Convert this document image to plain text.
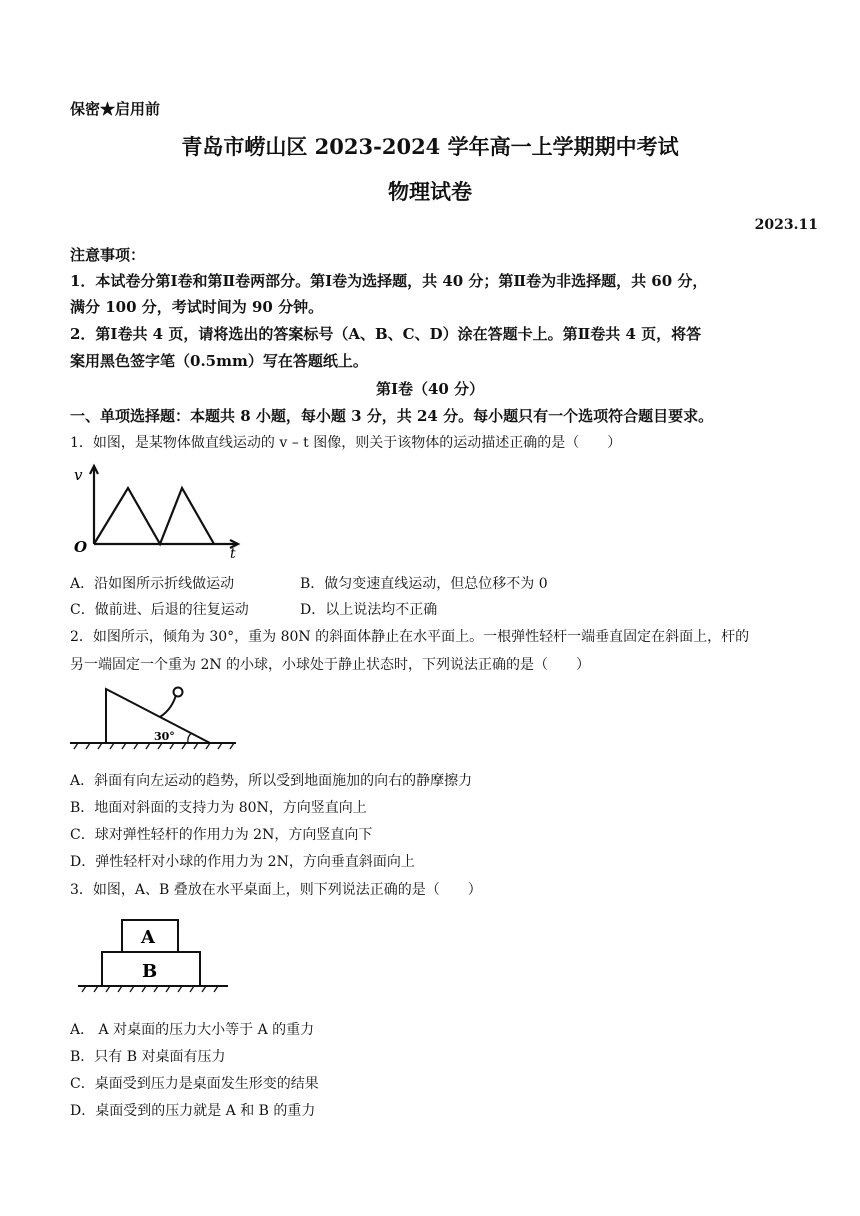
保密★启用前
青岛市崂山区 2023-2024 学年高一上学期期中考试
物理试卷
2023.11
注意事项：
1．本试卷分第Ⅰ卷和第Ⅱ卷两部分。第Ⅰ卷为选择题，共 40 分；第Ⅱ卷为非选择题，共 60 分，
满分 100 分，考试时间为 90 分钟。
2．第Ⅰ卷共 4 页，请将选出的答案标号（A、B、C、D）涂在答题卡上。第Ⅱ卷共 4 页，将答
案用黑色签字笔（0.5mm）写在答题纸上。
第Ⅰ卷（40 分）
一、单项选择题：本题共 8 小题，每小题 3 分，共 24 分。每小题只有一个选项符合题目要求。
1．如图，是某物体做直线运动的 v – t 图像，则关于该物体的运动描述正确的是（　　）
v
O	t
A．沿如图所示折线做运动	B．做匀变速直线运动，但总位移不为 0
C．做前进、后退的往复运动	D．以上说法均不正确
2．如图所示，倾角为 30°，重为 80N 的斜面体静止在水平面上。一根弹性轻杆一端垂直固定在斜面上，杆的
另一端固定一个重为 2N 的小球，小球处于静止状态时，下列说法正确的是（　　）
30°
A．斜面有向左运动的趋势，所以受到地面施加的向右的静摩擦力
B．地面对斜面的支持力为 80N，方向竖直向上
C．球对弹性轻杆的作用力为 2N，方向竖直向下
D．弹性轻杆对小球的作用力为 2N，方向垂直斜面向上
3．如图，A、B 叠放在水平桌面上，则下列说法正确的是（　　）
A
B
A． A 对桌面的压力大小等于 A 的重力
B．只有 B 对桌面有压力
C．桌面受到压力是桌面发生形变的结果
D．桌面受到的压力就是 A 和 B 的重力
